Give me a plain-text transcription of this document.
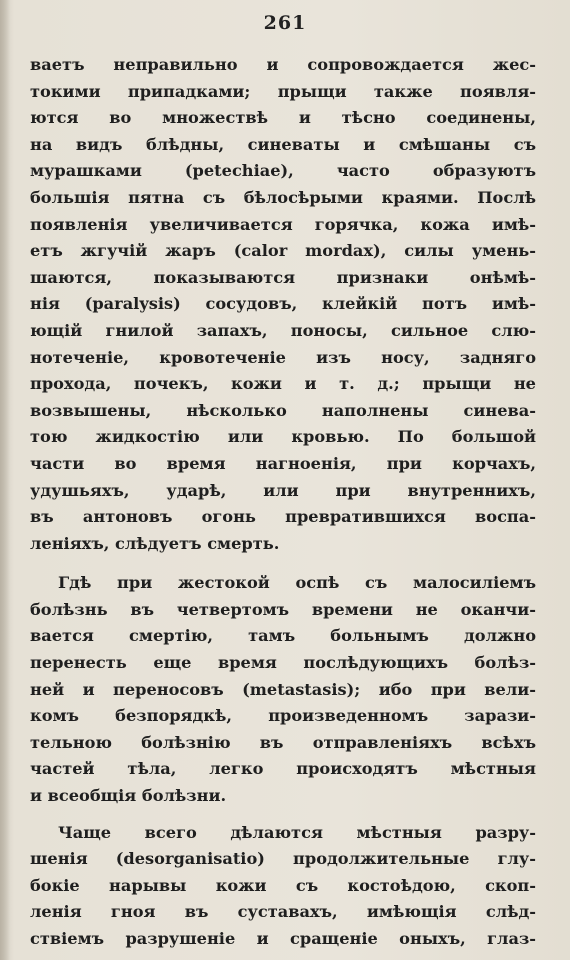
261
ваетъ неправильно и сопровождается жес-
токими припадками; прыщи также появля-
ются во множествѣ и тѣсно соединены,
на видъ блѣдны, синеваты и смѣшаны съ
мурашками (petechiae), часто образуютъ
большія пятна съ бѣлосѣрыми краями. Послѣ
появленія увеличивается горячка, кожа имѣ-
етъ жгучій жаръ (calor mordax), силы умень-
шаются, показываются признаки онѣмѣ-
нія (paralysis) сосудовъ, клейкій потъ имѣ-
ющій гнилой запахъ, поносы, сильное слю-
нотеченіе, кровотеченіе изъ носу, задняго
прохода, почекъ, кожи и т. д.; прыщи не
возвышены, нѣсколько наполнены синева-
тою жидкостію или кровью. По большой
части во время нагноенія, при корчахъ,
удушьяхъ, ударѣ, или при внутреннихъ,
въ антоновъ огонь превратившихся воспа-
леніяхъ, слѣдуетъ смерть.
Гдѣ при жестокой оспѣ съ малосиліемъ
болѣзнь въ четвертомъ времени не оканчи-
вается смертію, тамъ больнымъ должно
перенесть еще время послѣдующихъ болѣз-
ней и переносовъ (metastasis); ибо при вели-
комъ безпорядкѣ, произведенномъ зарази-
тельною болѣзнію въ отправленіяхъ всѣхъ
частей тѣла, легко происходятъ мѣстныя
и всеобщія болѣзни.
Чаще всего дѣлаются мѣстныя разру-
шенія (desorganisatio) продолжительные глу-
бокіе нарывы кожи съ костоѣдою, скоп-
ленія гноя въ суставахъ, имѣющія слѣд-
ствіемъ разрушеніе и сращеніе оныхъ, глаз-
